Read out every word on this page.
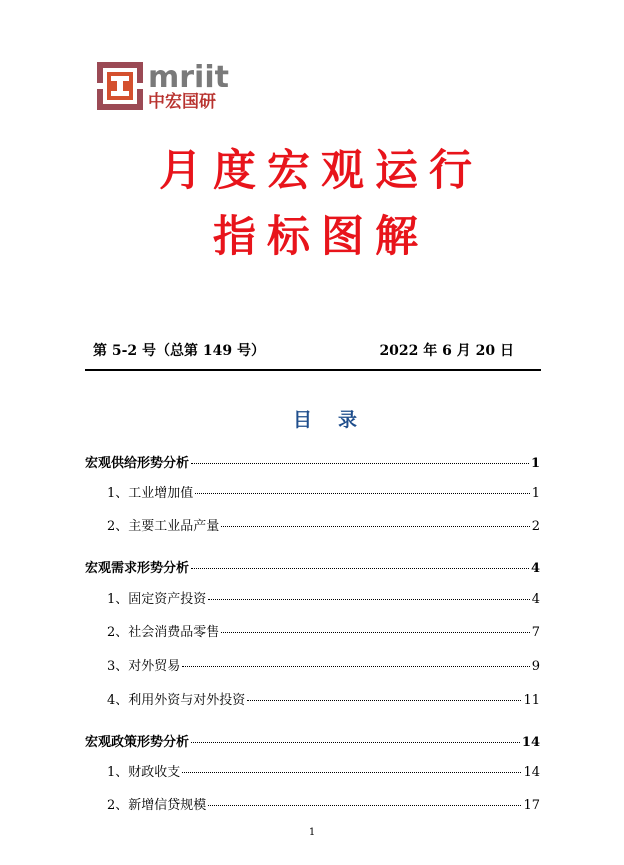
mriit
中宏国研
月度宏观运行
指标图解
第 5-2 号（总第 149 号）	2022 年 6 月 20 日
目录
宏观供给形势分析	1
1、工业增加值	1
2、主要工业品产量	2
宏观需求形势分析	4
1、固定资产投资	4
2、社会消费品零售	7
3、对外贸易	9
4、利用外资与对外投资	11
宏观政策形势分析	14
1、财政收支	14
2、新增信贷规模	17
1
